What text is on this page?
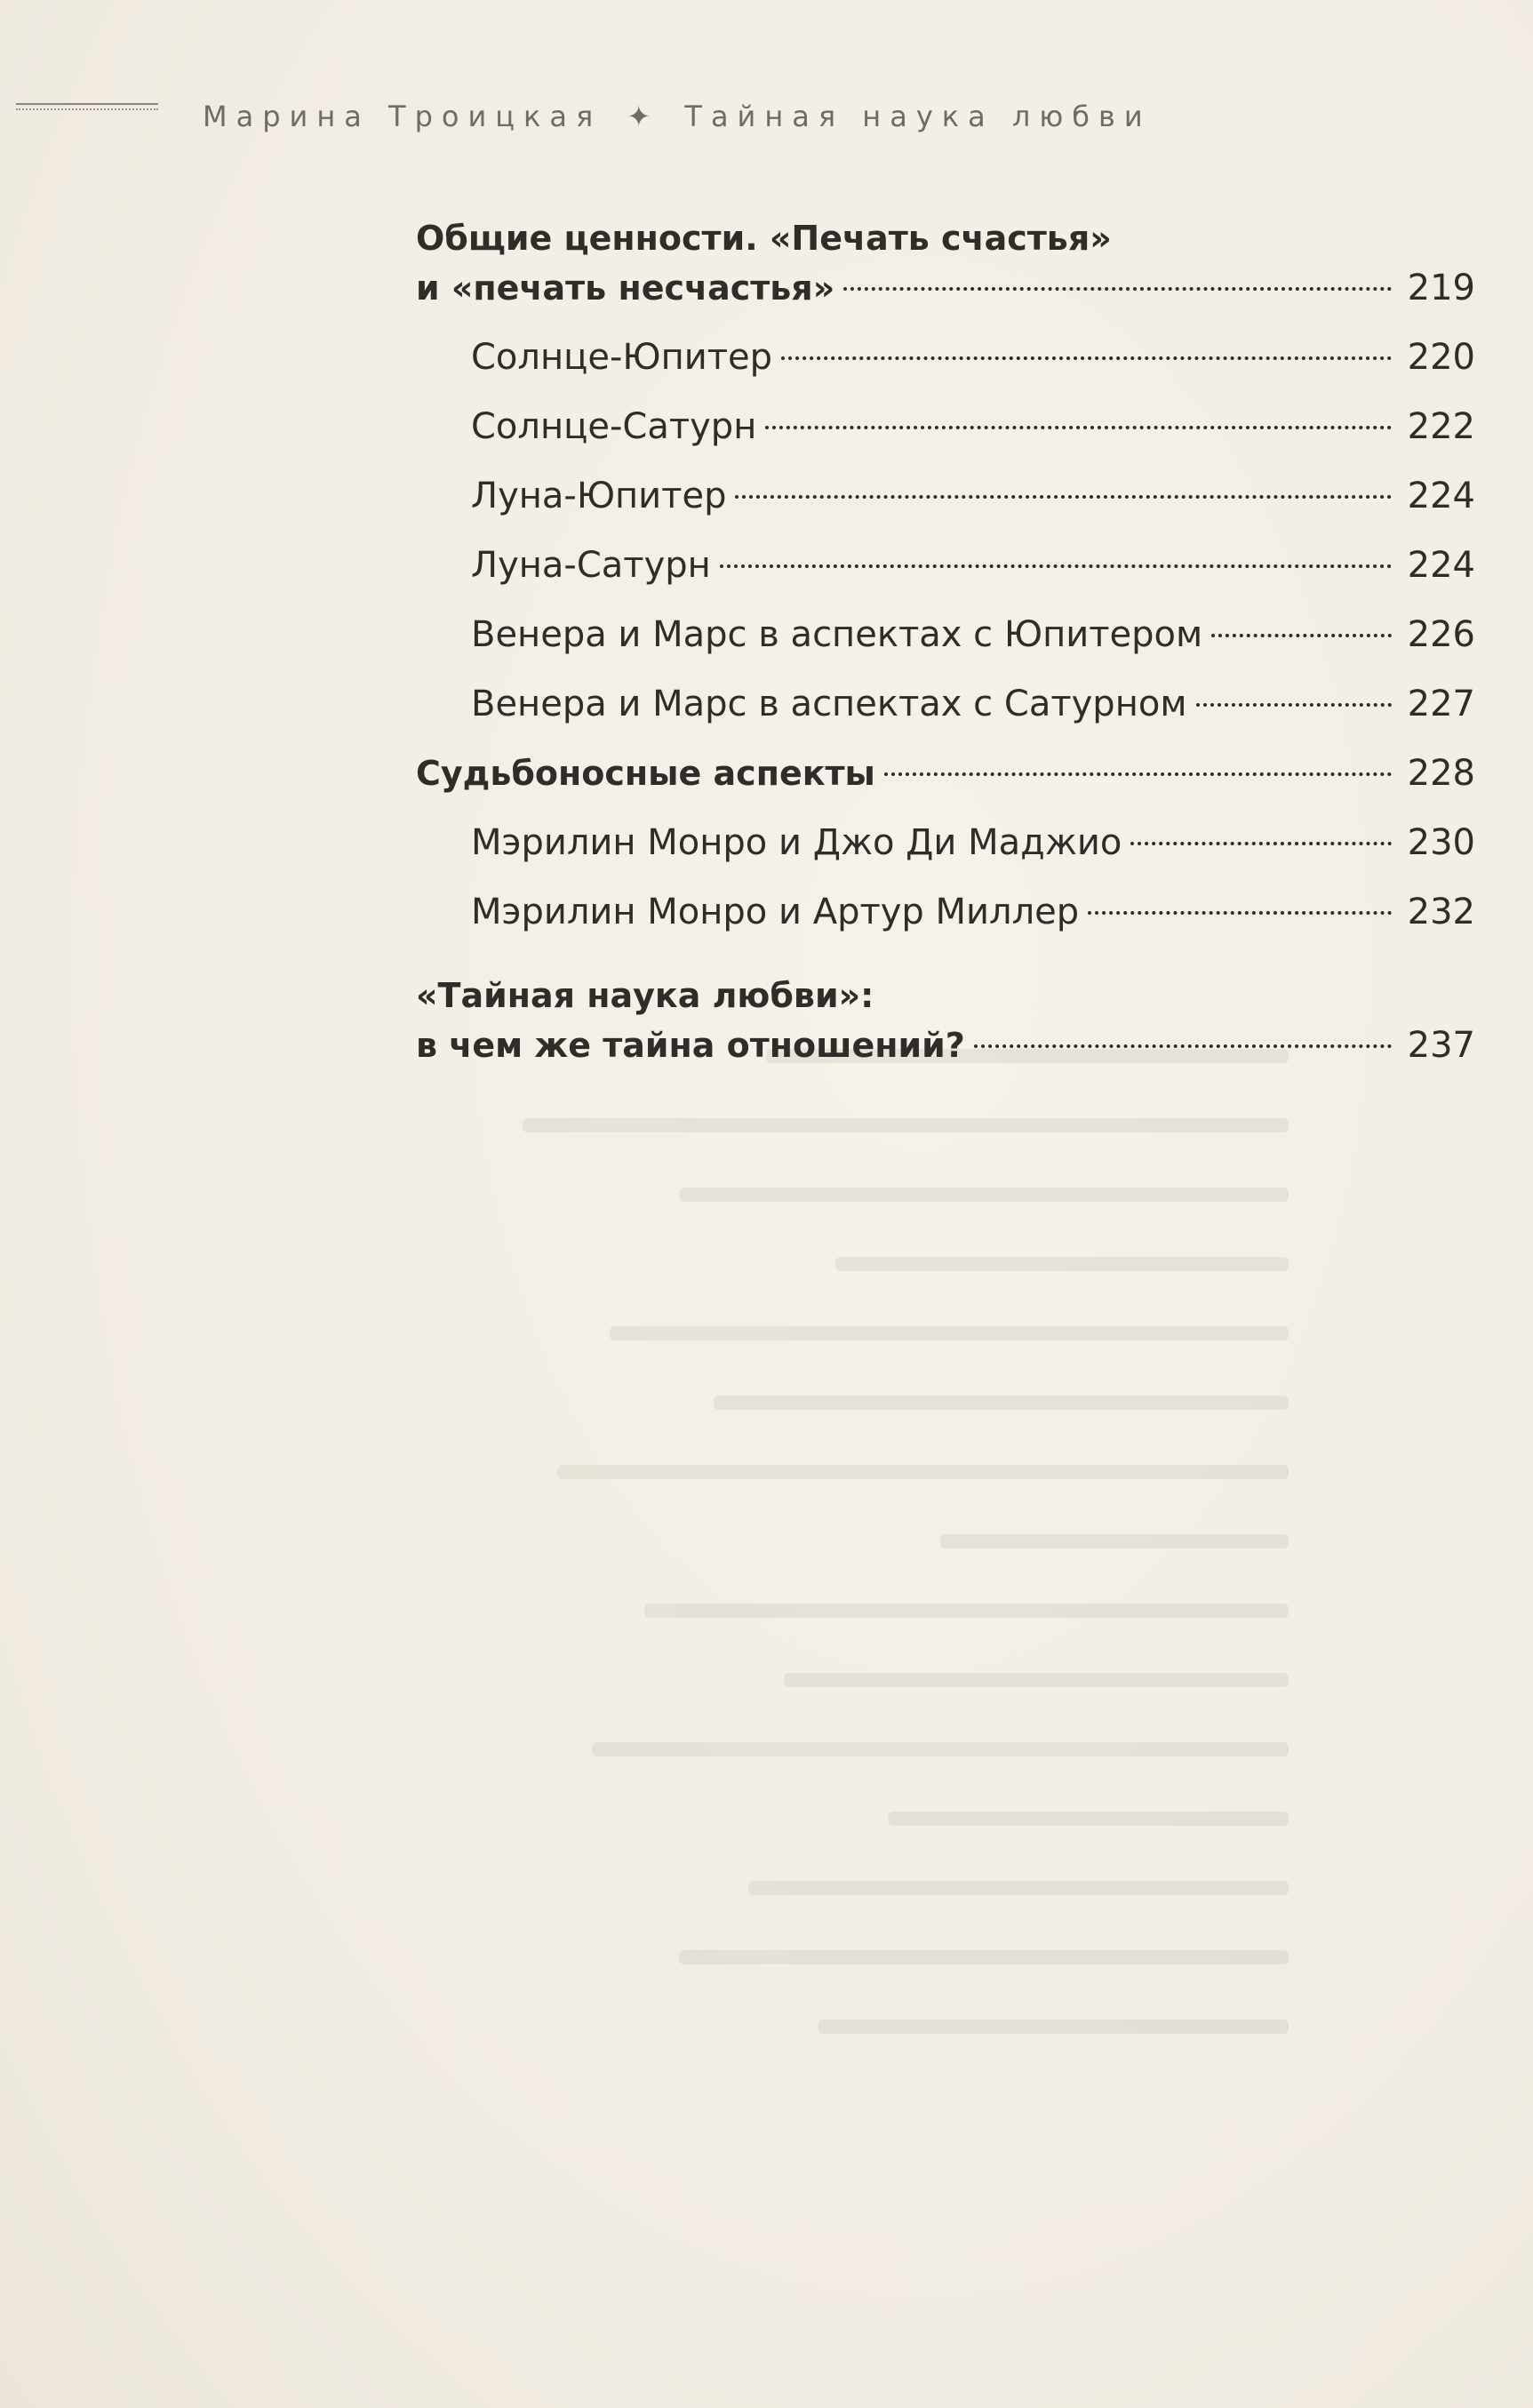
Марина Троицкая ✦ Тайная наука любви
Общие ценности. «Печать счастья»
и «печать несчастья»	219
Солнце-Юпитер	220
Солнце-Сатурн	222
Луна-Юпитер	224
Луна-Сатурн	224
Венера и Марс в аспектах с Юпитером	226
Венера и Марс в аспектах с Сатурном	227
Судьбоносные аспекты	228
Мэрилин Монро и Джо Ди Маджио	230
Мэрилин Монро и Артур Миллер	232
«Тайная наука любви»:
в чем же тайна отношений?	237
